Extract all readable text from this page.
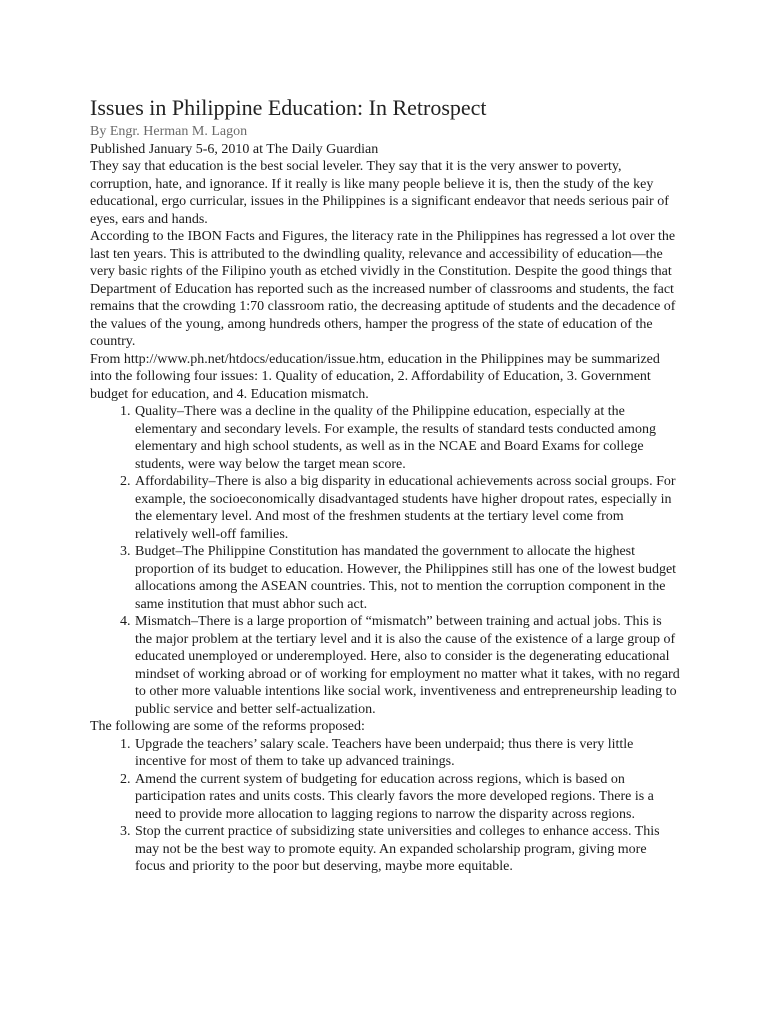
Issues in Philippine Education: In Retrospect

By Engr. Herman M. Lagon

Published January 5-6, 2010 at The Daily Guardian

They say that education is the best social leveler. They say that it is the very answer to poverty, corruption, hate, and ignorance. If it really is like many people believe it is, then the study of the key educational, ergo curricular, issues in the Philippines is a significant endeavor that needs serious pair of eyes, ears and hands.

According to the IBON Facts and Figures, the literacy rate in the Philippines has regressed a lot over the last ten years. This is attributed to the dwindling quality, relevance and accessibility of education—the very basic rights of the Filipino youth as etched vividly in the Constitution. Despite the good things that Department of Education has reported such as the increased number of classrooms and students, the fact remains that the crowding 1:70 classroom ratio, the decreasing aptitude of students and the decadence of the values of the young, among hundreds others, hamper the progress of the state of education of the country.

From http://www.ph.net/htdocs/education/issue.htm, education in the Philippines may be summarized into the following four issues: 1. Quality of education, 2. Affordability of Education, 3. Government budget for education, and 4. Education mismatch.

1. Quality–There was a decline in the quality of the Philippine education, especially at the elementary and secondary levels. For example, the results of standard tests conducted among elementary and high school students, as well as in the NCAE and Board Exams for college students, were way below the target mean score.
2. Affordability–There is also a big disparity in educational achievements across social groups. For example, the socioeconomically disadvantaged students have higher dropout rates, especially in the elementary level. And most of the freshmen students at the tertiary level come from relatively well-off families.
3. Budget–The Philippine Constitution has mandated the government to allocate the highest proportion of its budget to education. However, the Philippines still has one of the lowest budget allocations among the ASEAN countries. This, not to mention the corruption component in the same institution that must abhor such act.
4. Mismatch–There is a large proportion of “mismatch” between training and actual jobs. This is the major problem at the tertiary level and it is also the cause of the existence of a large group of educated unemployed or underemployed. Here, also to consider is the degenerating educational mindset of working abroad or of working for employment no matter what it takes, with no regard to other more valuable intentions like social work, inventiveness and entrepreneurship leading to public service and better self-actualization.

The following are some of the reforms proposed:

1. Upgrade the teachers’ salary scale. Teachers have been underpaid; thus there is very little incentive for most of them to take up advanced trainings.
2. Amend the current system of budgeting for education across regions, which is based on participation rates and units costs. This clearly favors the more developed regions. There is a need to provide more allocation to lagging regions to narrow the disparity across regions.
3. Stop the current practice of subsidizing state universities and colleges to enhance access. This may not be the best way to promote equity. An expanded scholarship program, giving more focus and priority to the poor but deserving, maybe more equitable.
